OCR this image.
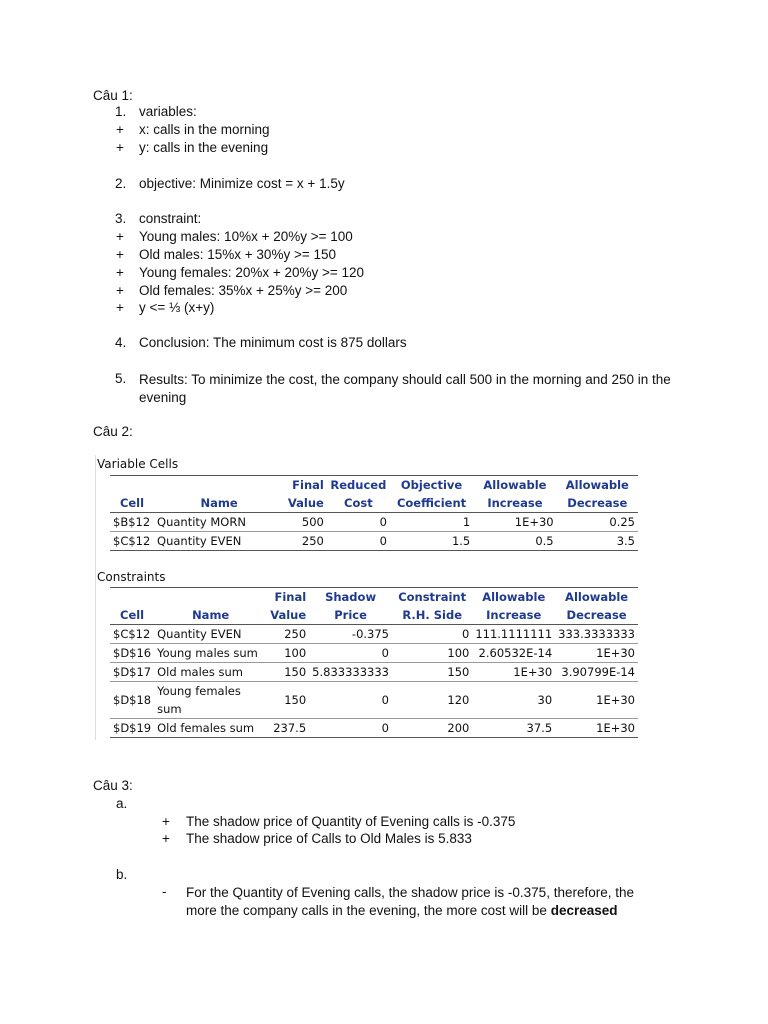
Câu 1:
1. variables:
+ x: calls in the morning
+ y: calls in the evening
2. objective: Minimize cost = x + 1.5y
3. constraint:
+ Young males: 10%x + 20%y >= 100
+ Old males: 15%x + 30%y >= 150
+ Young females: 20%x + 20%y >= 120
+ Old females: 35%x + 25%y >= 200
+ y <= ⅓ (x+y)
4. Conclusion: The minimum cost is 875 dollars
5. Results: To minimize the cost, the company should call 500 in the morning and 250 in the evening
Câu 2:
Variable Cells
		Final	Reduced	Objective	Allowable	Allowable
Cell	Name	Value	Cost	Coefficient	Increase	Decrease
$B$12	Quantity MORN	500	0	1	1E+30	0.25
$C$12	Quantity EVEN	250	0	1.5	0.5	3.5
Constraints
		Final	Shadow	Constraint	Allowable	Allowable
Cell	Name	Value	Price	R.H. Side	Increase	Decrease
$C$12	Quantity EVEN	250	-0.375	0	111.1111111	333.3333333
$D$16	Young males sum	100	0	100	2.60532E-14	1E+30
$D$17	Old males sum	150	5.833333333	150	1E+30	3.90799E-14
$D$18	Young females sum	150	0	120	30	1E+30
$D$19	Old females sum	237.5	0	200	37.5	1E+30
Câu 3:
a.
+ The shadow price of Quantity of Evening calls is -0.375
+ The shadow price of Calls to Old Males is 5.833
b.
- For the Quantity of Evening calls, the shadow price is -0.375, therefore, the more the company calls in the evening, the more cost will be decreased
